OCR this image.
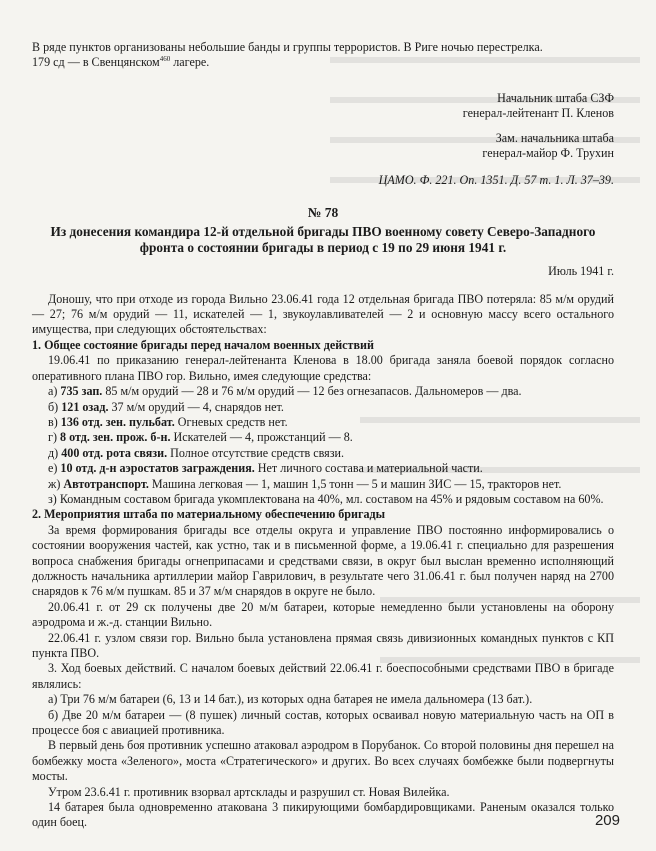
В ряде пунктов организованы небольшие банды и группы террористов. В Риге ночью перестрелка.

179 сд — в Свенцянском$^{460}$ лагере.

Начальник штаба СЗФ

генерал-лейтенант П. Кленов

Зам. начальника штаба

генерал-майор Ф. Трухин

ЦАМО. Ф. 221. Оп. 1351. Д. 57 т. 1. Л. 37–39.

№ 78

Из донесения командира 12-й отдельной бригады ПВО военному совету Северо-Западного фронта о состоянии бригады в период с 19 по 29 июня 1941 г.

Июль 1941 г.

Доношу, что при отходе из города Вильно 23.06.41 года 12 отдельная бригада ПВО потеряла: 85 м/м орудий — 27; 76 м/м орудий — 11, искателей — 1, звукоулавливателей — 2 и основную массу всего остального имущества, при следующих обстоятельствах:

1. Общее состояние бригады перед началом военных действий

19.06.41 по приказанию генерал-лейтенанта Кленова в 18.00 бригада заняла боевой порядок согласно оперативного плана ПВО гор. Вильно, имея следующие средства:

а) 735 зап. 85 м/м орудий — 28 и 76 м/м орудий — 12 без огнезапасов. Дальномеров — два.

б) 121 озад. 37 м/м орудий — 4, снарядов нет.

в) 136 отд. зен. пульбат. Огневых средств нет.

г) 8 отд. зен. прож. б-н. Искателей — 4, прожстанций — 8.

д) 400 отд. рота связи. Полное отсутствие средств связи.

е) 10 отд. д-н аэростатов заграждения. Нет личного состава и материальной части.

ж) Автотранспорт. Машина легковая — 1, машин 1,5 тонн — 5 и машин ЗИС — 15, тракторов нет.

з) Командным составом бригада укомплектована на 40%, мл. составом на 45% и рядовым составом на 60%.

2. Мероприятия штаба по материальному обеспечению бригады

За время формирования бригады все отделы округа и управление ПВО постоянно информировались о состоянии вооружения частей, как устно, так и в письменной форме, а 19.06.41 г. специально для разрешения вопроса снабжения бригады огнеприпасами и средствами связи, в округ был выслан временно исполняющий должность начальника артиллерии майор Гаврилович, в результате чего 31.06.41 г. был получен наряд на 2700 снарядов к 76 м/м пушкам. 85 и 37 м/м снарядов в округе не было.

20.06.41 г. от 29 ск получены две 20 м/м батареи, которые немедленно были установлены на оборону аэродрома и ж.-д. станции Вильно.

22.06.41 г. узлом связи гор. Вильно была установлена прямая связь дивизионных командных пунктов с КП пункта ПВО.

3. Ход боевых действий. С началом боевых действий 22.06.41 г. боеспособными средствами ПВО в бригаде являлись:

а) Три 76 м/м батареи (6, 13 и 14 бат.), из которых одна батарея не имела дальномера (13 бат.).

б) Две 20 м/м батареи — (8 пушек) личный состав, которых осваивал новую материальную часть на ОП в процессе боя с авиацией противника.

В первый день боя противник успешно атаковал аэродром в Порубанок. Со второй половины дня перешел на бомбежку моста «Зеленого», моста «Стратегического» и других. Во всех случаях бомбежке были подвергнуты мосты.

Утром 23.6.41 г. противник взорвал артсклады и разрушил ст. Новая Вилейка.

14 батарея была одновременно атакована 3 пикирующими бомбардировщиками. Раненым оказался только один боец.	209
